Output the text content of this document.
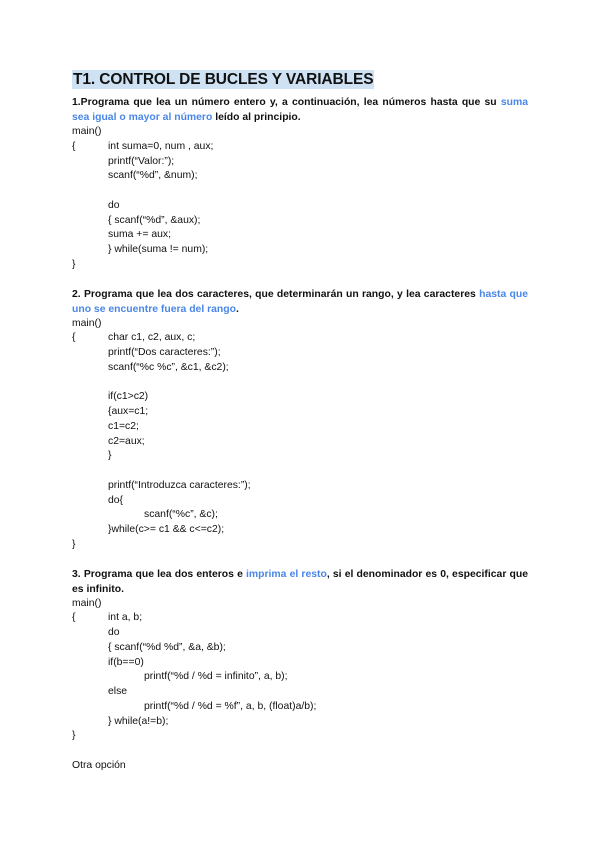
T1. CONTROL DE BUCLES Y VARIABLES

1.Programa que lea un número entero y, a continuación, lea números hasta que su suma sea igual o mayor al número leído al principio.

main()
{	int suma=0, num , aux;
printf(“Valor:”);
scanf(“%d”, &num);
do
{ scanf(“%d”, &aux);
suma += aux;
} while(suma != num);
}

2. Programa que lea dos caracteres, que determinarán un rango, y lea caracteres hasta que uno se encuentre fuera del rango.

main()
{	char c1, c2, aux, c;
printf(“Dos caracteres:”);
scanf(“%c %c”, &c1, &c2);
if(c1>c2)
{aux=c1;
c1=c2;
c2=aux;
}
printf(“Introduzca caracteres:”);
do{
scanf(“%c”, &c);
}while(c>= c1 && c<=c2);
}

3. Programa que lea dos enteros e imprima el resto, si el denominador es 0, especificar que es infinito.

main()
{	int a, b;
do
{ scanf(“%d %d”, &a, &b);
if(b==0)
printf(“%d / %d = infinito”, a, b);
else
printf(“%d / %d = %f”, a, b, (float)a/b);
} while(a!=b);
}
Otra opción
